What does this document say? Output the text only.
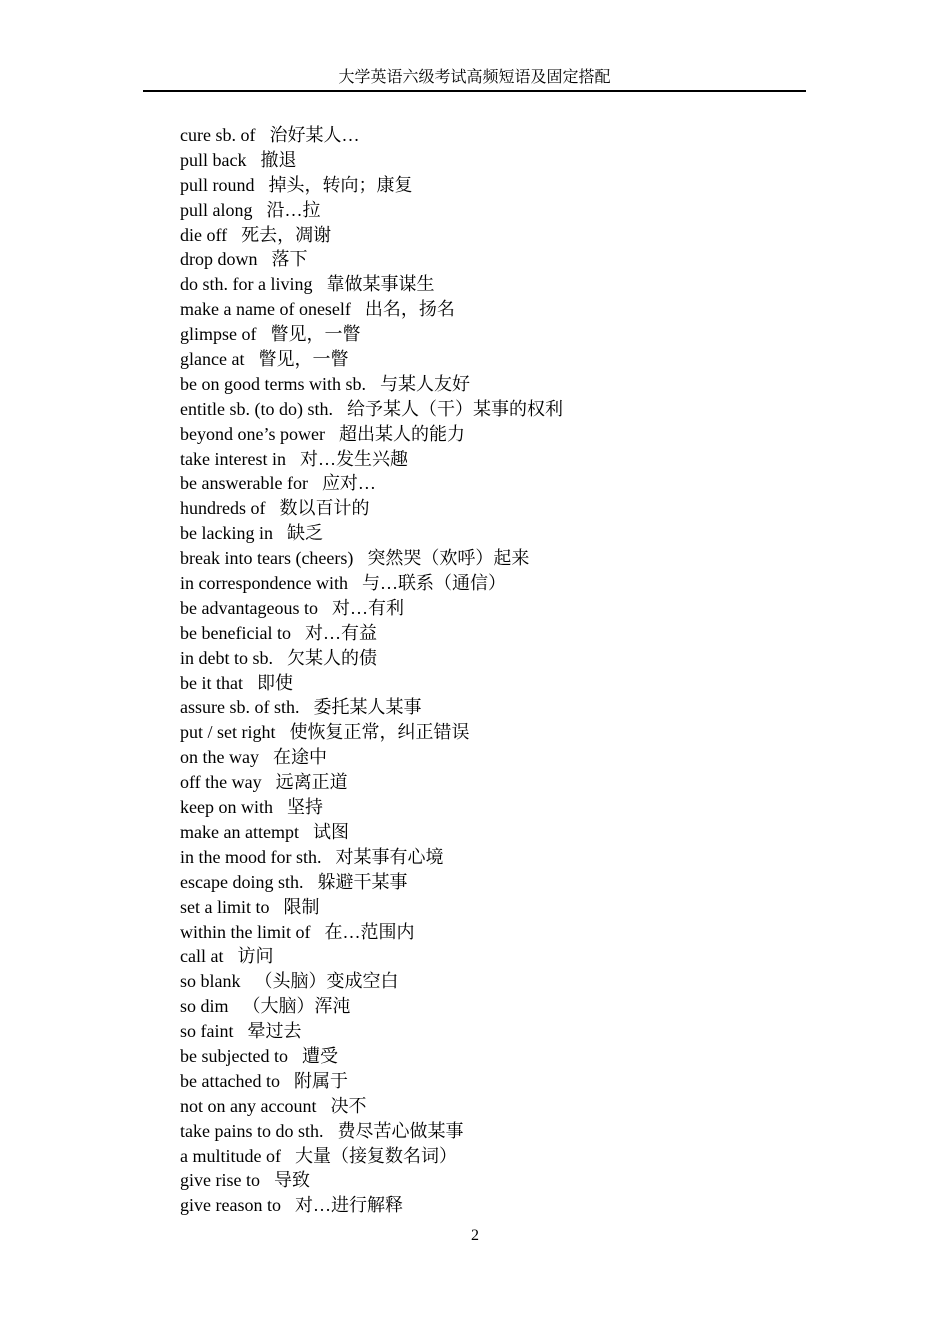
大学英语六级考试高频短语及固定搭配
cure sb. of 治好某人…
pull back 撤退
pull round 掉头，转向；康复
pull along 沿…拉
die off 死去，凋谢
drop down 落下
do sth. for a living 靠做某事谋生
make a name of oneself 出名，扬名
glimpse of 瞥见，一瞥
glance at 瞥见，一瞥
be on good terms with sb. 与某人友好
entitle sb. (to do) sth. 给予某人（干）某事的权利
beyond one’s power 超出某人的能力
take interest in 对…发生兴趣
be answerable for 应对…
hundreds of 数以百计的
be lacking in 缺乏
break into tears (cheers) 突然哭（欢呼）起来
in correspondence with 与…联系（通信）
be advantageous to 对…有利
be beneficial to 对…有益
in debt to sb. 欠某人的债
be it that 即使
assure sb. of sth. 委托某人某事
put / set right 使恢复正常，纠正错误
on the way 在途中
off the way 远离正道
keep on with 坚持
make an attempt 试图
in the mood for sth. 对某事有心境
escape doing sth. 躲避干某事
set a limit to 限制
within the limit of 在…范围内
call at 访问
so blank （头脑）变成空白
so dim （大脑）浑沌
so faint 晕过去
be subjected to 遭受
be attached to 附属于
not on any account 决不
take pains to do sth. 费尽苦心做某事
a multitude of 大量（接复数名词）
give rise to 导致
give reason to 对…进行解释
2
